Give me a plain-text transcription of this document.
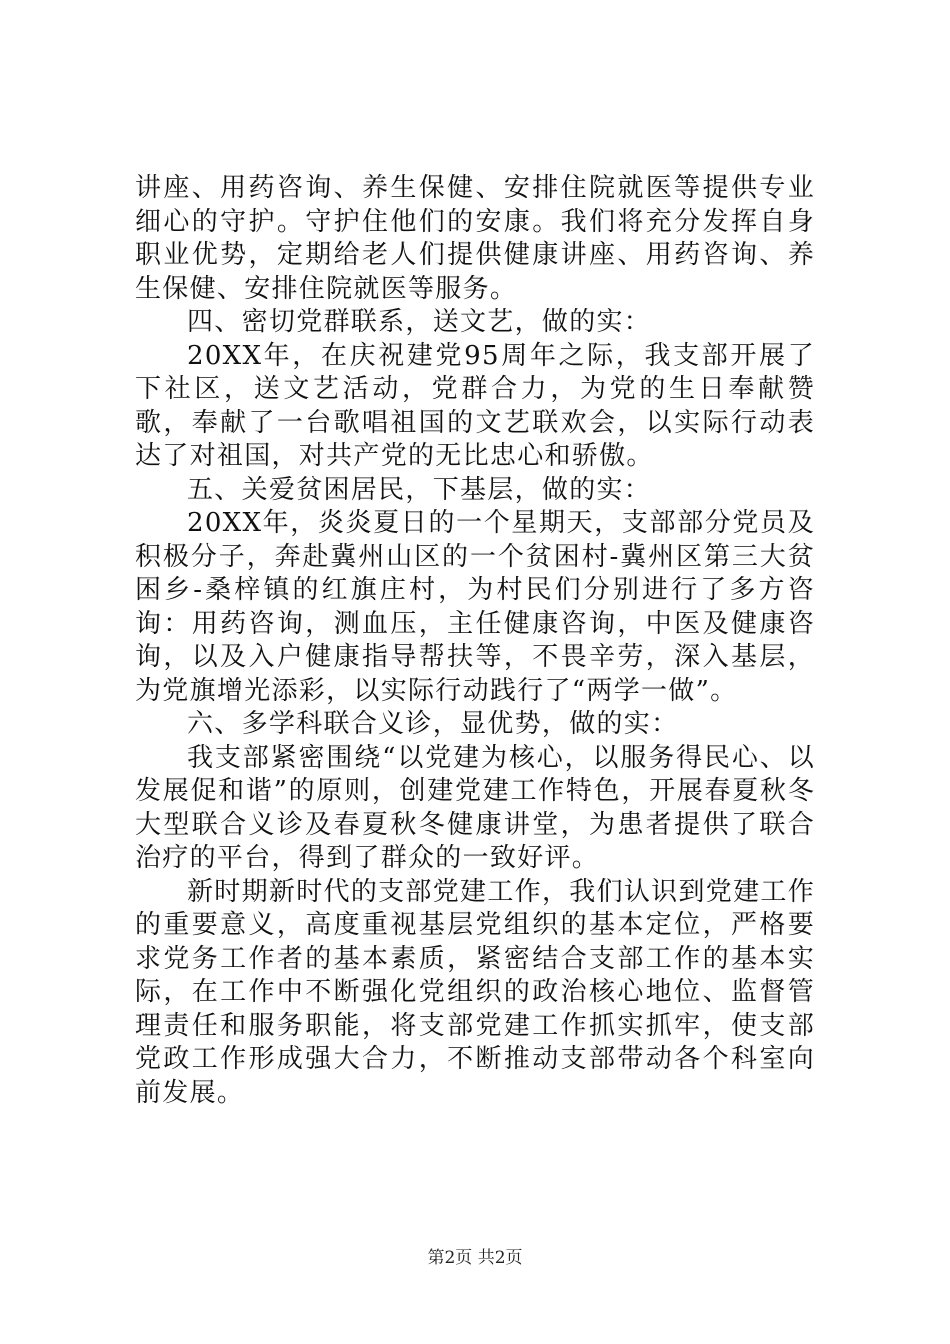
讲座、用药咨询、养生保健、安排住院就医等提供专业细心的守护。守护住他们的安康。我们将充分发挥自身职业优势，定期给老人们提供健康讲座、用药咨询、养生保健、安排住院就医等服务。

四、密切党群联系，送文艺，做的实：

20XX年，在庆祝建党95周年之际，我支部开展了下社区，送文艺活动，党群合力，为党的生日奉献赞歌，奉献了一台歌唱祖国的文艺联欢会，以实际行动表达了对祖国，对共产党的无比忠心和骄傲。

五、关爱贫困居民，下基层，做的实：

20XX年，炎炎夏日的一个星期天，支部部分党员及积极分子，奔赴冀州山区的一个贫困村-冀州区第三大贫困乡-桑梓镇的红旗庄村，为村民们分别进行了多方咨询：用药咨询，测血压，主任健康咨询，中医及健康咨询，以及入户健康指导帮扶等，不畏辛劳，深入基层，为党旗增光添彩，以实际行动践行了“两学一做”。

六、多学科联合义诊，显优势，做的实：

我支部紧密围绕“以党建为核心，以服务得民心、以发展促和谐”的原则，创建党建工作特色，开展春夏秋冬大型联合义诊及春夏秋冬健康讲堂，为患者提供了联合治疗的平台，得到了群众的一致好评。

新时期新时代的支部党建工作，我们认识到党建工作的重要意义，高度重视基层党组织的基本定位，严格要求党务工作者的基本素质，紧密结合支部工作的基本实际，在工作中不断强化党组织的政治核心地位、监督管理责任和服务职能，将支部党建工作抓实抓牢，使支部党政工作形成强大合力，不断推动支部带动各个科室向前发展。

第2页 共2页
